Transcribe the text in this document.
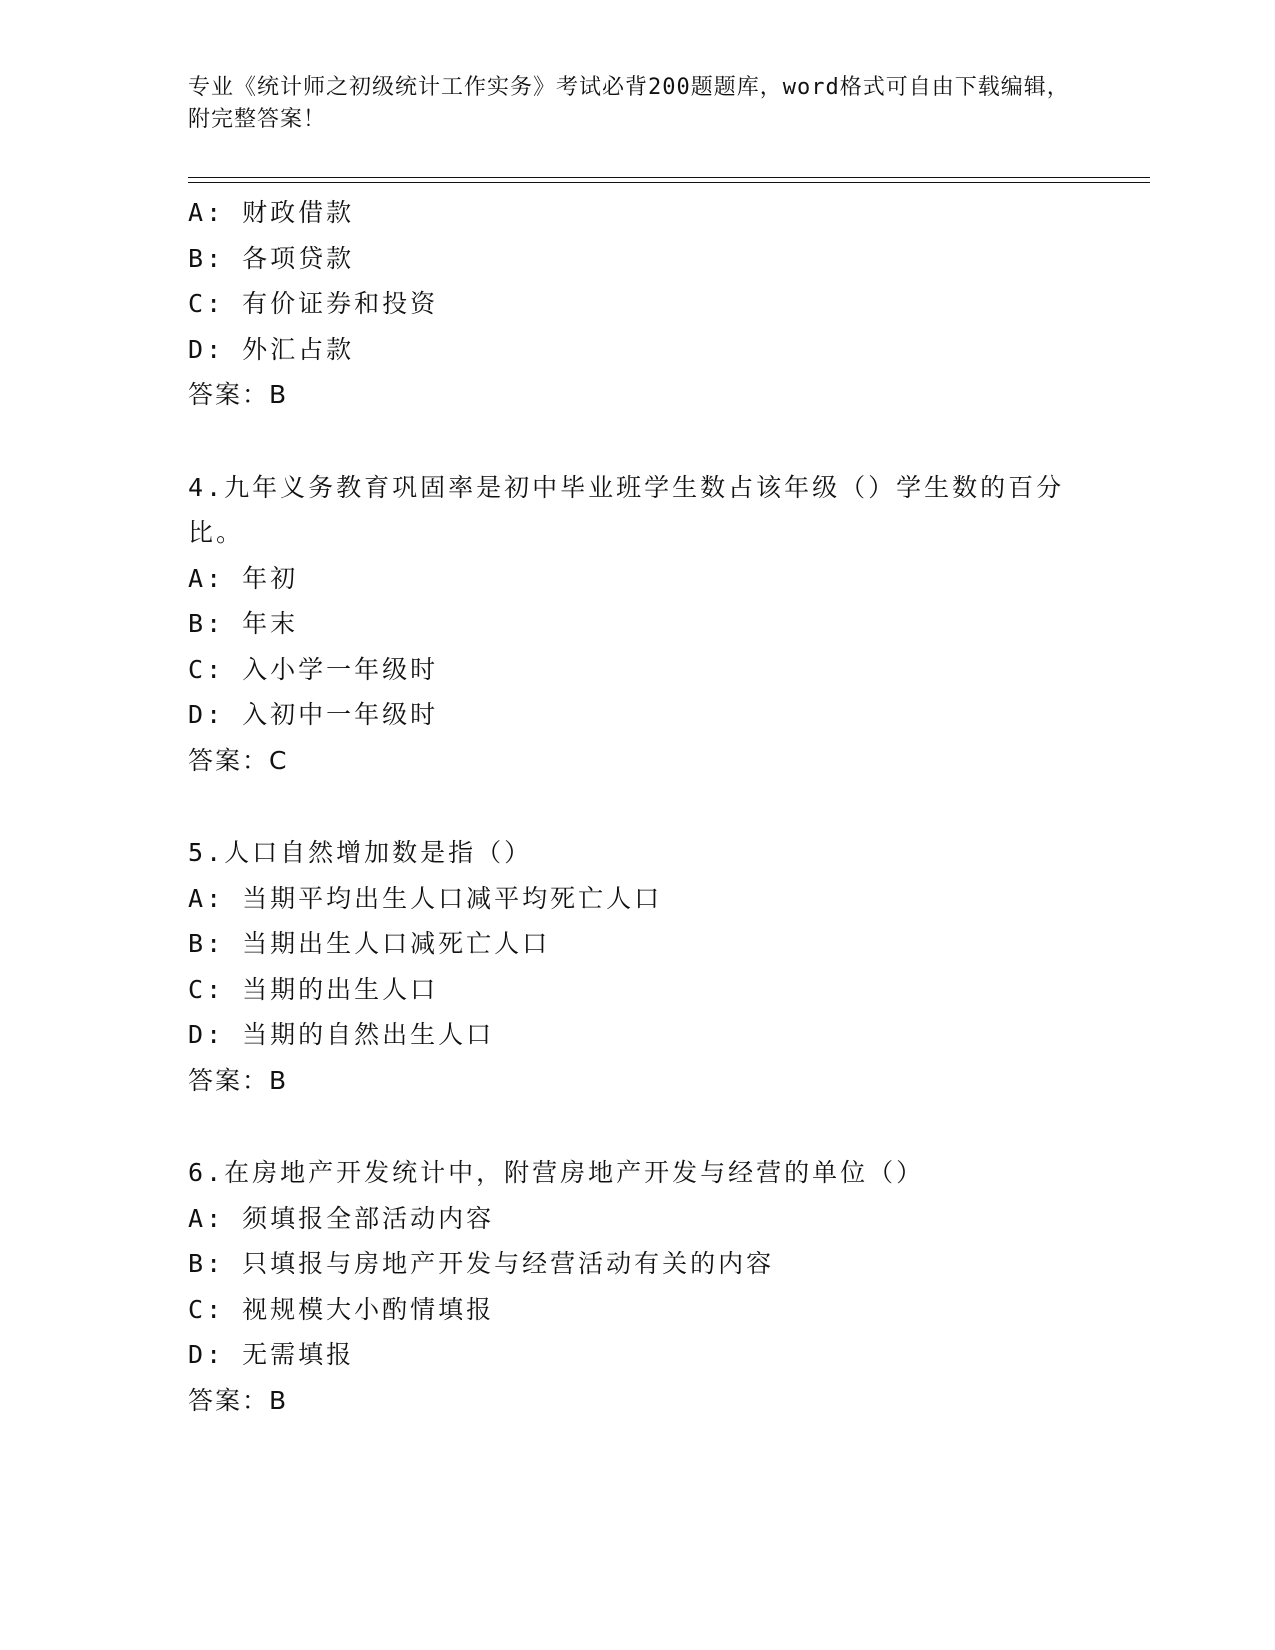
专业《统计师之初级统计工作实务》考试必背200题题库，word格式可自由下载编辑，附完整答案！
A: 财政借款
B: 各项贷款
C: 有价证券和投资
D: 外汇占款
答案：B
4.九年义务教育巩固率是初中毕业班学生数占该年级（）学生数的百分比。
A: 年初
B: 年末
C: 入小学一年级时
D: 入初中一年级时
答案：C
5.人口自然增加数是指（）
A: 当期平均出生人口减平均死亡人口
B: 当期出生人口减死亡人口
C: 当期的出生人口
D: 当期的自然出生人口
答案：B
6.在房地产开发统计中，附营房地产开发与经营的单位（）
A: 须填报全部活动内容
B: 只填报与房地产开发与经营活动有关的内容
C: 视规模大小酌情填报
D: 无需填报
答案：B
